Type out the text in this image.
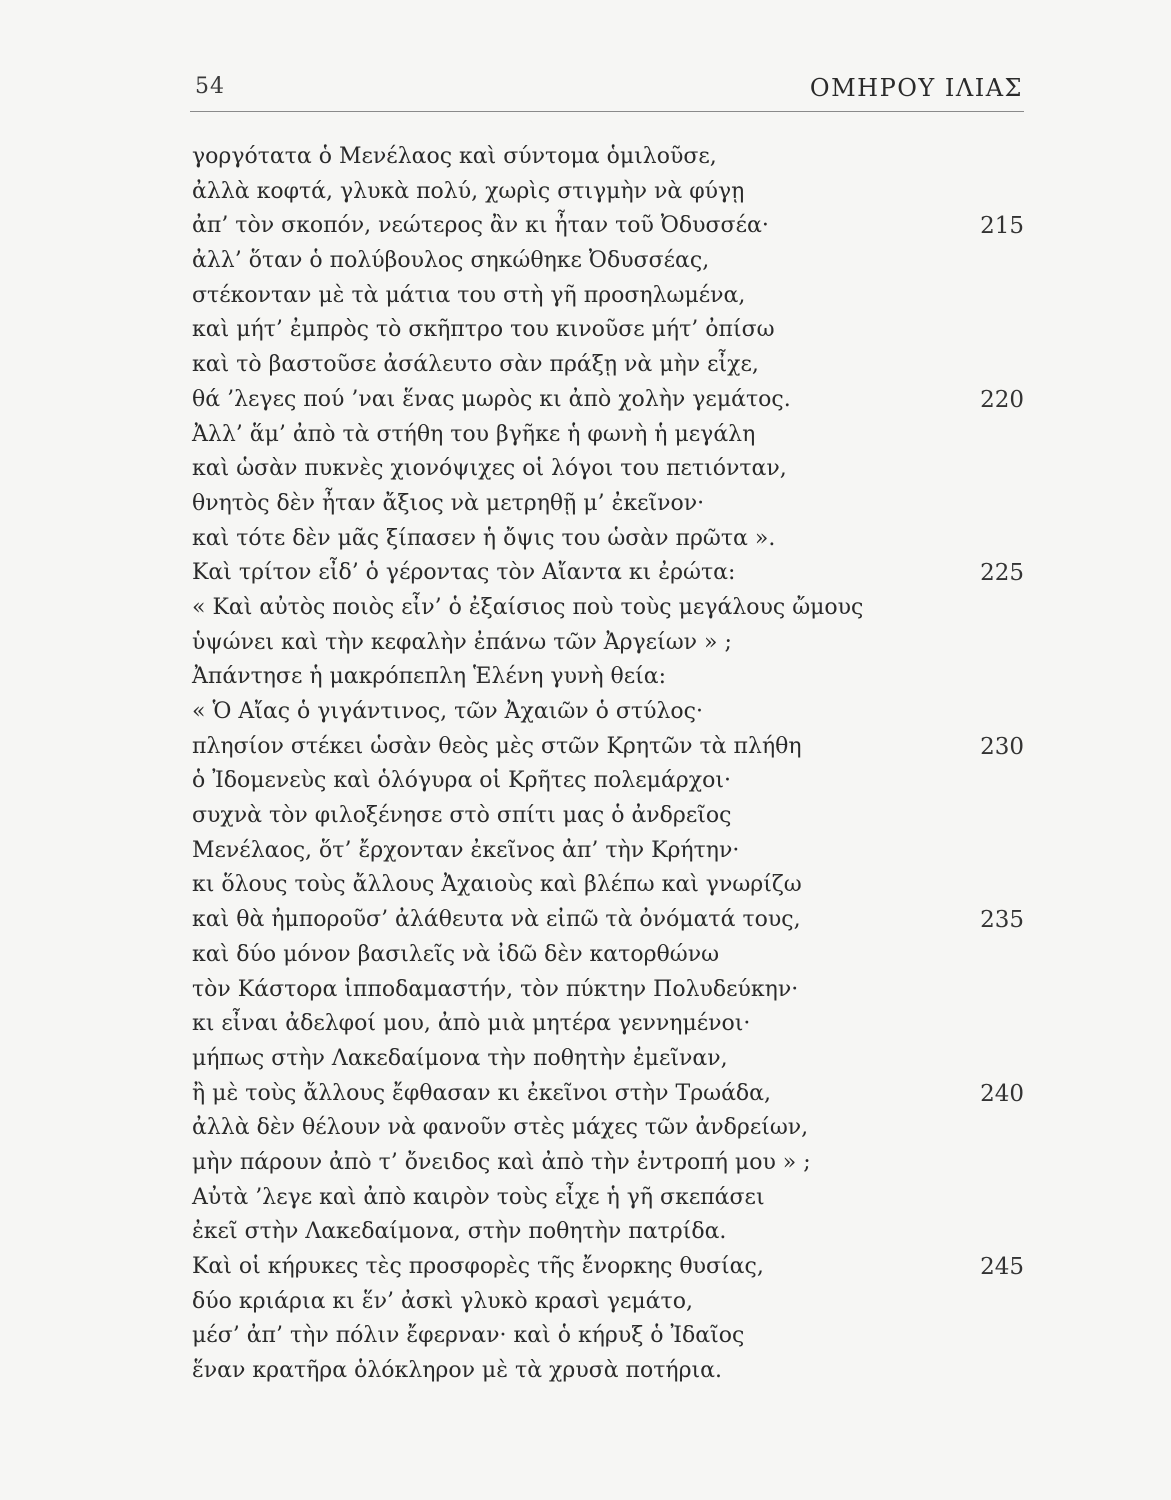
54	ΟΜΗΡΟΥ ΙΛΙΑΣ
γοργότατα ὁ Μενέλαος καὶ σύντομα ὁμιλοῦσε,
ἀλλὰ κοφτά, γλυκὰ πολύ, χωρὶς στιγμὴν νὰ φύγῃ
ἀπ’ τὸν σκοπόν, νεώτερος ἂν κι ἦταν τοῦ Ὀδυσσέα·	215
ἀλλ’ ὅταν ὁ πολύβουλος σηκώθηκε Ὀδυσσέας,
στέκονταν μὲ τὰ μάτια του στὴ γῆ προσηλωμένα,
καὶ μήτ’ ἐμπρὸς τὸ σκῆπτρο του κινοῦσε μήτ’ ὀπίσω
καὶ τὸ βαστοῦσε ἀσάλευτο σὰν πράξῃ νὰ μὴν εἶχε,
θά ’λεγες πού ’ναι ἕνας μωρὸς κι ἀπὸ χολὴν γεμάτος.	220
Ἀλλ’ ἅμ’ ἀπὸ τὰ στήθη του βγῆκε ἡ φωνὴ ἡ μεγάλη
καὶ ὡσὰν πυκνὲς χιονόψιχες οἱ λόγοι του πετιόνταν,
θνητὸς δὲν ἦταν ἄξιος νὰ μετρηθῇ μ’ ἐκεῖνον·
καὶ τότε δὲν μᾶς ξίπασεν ἡ ὄψις του ὡσὰν πρῶτα ».
Καὶ τρίτον εἶδ’ ὁ γέροντας τὸν Αἴαντα κι ἐρώτα:	225
« Καὶ αὐτὸς ποιὸς εἶν’ ὁ ἐξαίσιος ποὺ τοὺς μεγάλους ὤμους
ὑψώνει καὶ τὴν κεφαλὴν ἐπάνω τῶν Ἀργείων » ;
Ἀπάντησε ἡ μακρόπεπλη Ἑλένη γυνὴ θεία:
« Ὁ Αἴας ὁ γιγάντινος, τῶν Ἀχαιῶν ὁ στύλος·
πλησίον στέκει ὡσὰν θεὸς μὲς στῶν Κρητῶν τὰ πλήθη	230
ὁ Ἰδομενεὺς καὶ ὁλόγυρα οἱ Κρῆτες πολεμάρχοι·
συχνὰ τὸν φιλοξένησε στὸ σπίτι μας ὁ ἀνδρεῖος
Μενέλαος, ὅτ’ ἔρχονταν ἐκεῖνος ἀπ’ τὴν Κρήτην·
κι ὅλους τοὺς ἄλλους Ἀχαιοὺς καὶ βλέπω καὶ γνωρίζω
καὶ θὰ ἠμποροῦσ’ ἀλάθευτα νὰ εἰπῶ τὰ ὀνόματά τους,	235
καὶ δύο μόνον βασιλεῖς νὰ ἰδῶ δὲν κατορθώνω
τὸν Κάστορα ἱπποδαμαστήν, τὸν πύκτην Πολυδεύκην·
κι εἶναι ἀδελφοί μου, ἀπὸ μιὰ μητέρα γεννημένοι·
μήπως στὴν Λακεδαίμονα τὴν ποθητὴν ἐμεῖναν,
ἢ μὲ τοὺς ἄλλους ἔφθασαν κι ἐκεῖνοι στὴν Τρωάδα,	240
ἀλλὰ δὲν θέλουν νὰ φανοῦν στὲς μάχες τῶν ἀνδρείων,
μὴν πάρουν ἀπὸ τ’ ὄνειδος καὶ ἀπὸ τὴν ἐντροπή μου » ;
Αὐτὰ ’λεγε καὶ ἀπὸ καιρὸν τοὺς εἶχε ἡ γῆ σκεπάσει
ἐκεῖ στὴν Λακεδαίμονα, στὴν ποθητὴν πατρίδα.
Καὶ οἱ κήρυκες τὲς προσφορὲς τῆς ἔνορκης θυσίας,	245
δύο κριάρια κι ἕν’ ἀσκὶ γλυκὸ κρασὶ γεμάτο,
μέσ’ ἀπ’ τὴν πόλιν ἔφερναν· καὶ ὁ κήρυξ ὁ Ἰδαῖος
ἕναν κρατῆρα ὁλόκληρον μὲ τὰ χρυσὰ ποτήρια.
